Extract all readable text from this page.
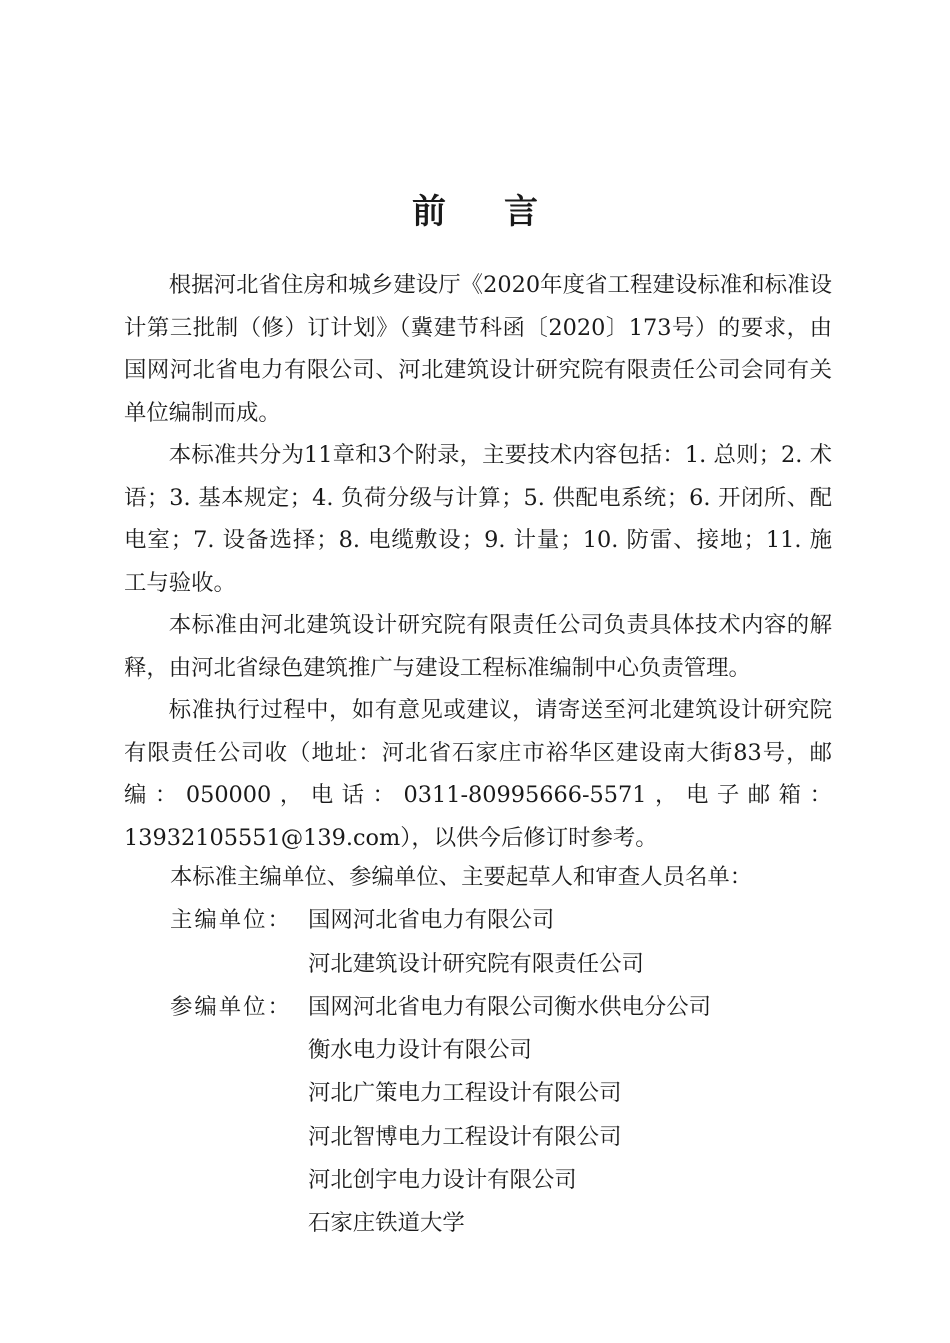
前 言

根据河北省住房和城乡建设厅《2020年度省工程建设标准和标准设计第三批制（修）订计划》（冀建节科函〔2020〕173号）的要求，由国网河北省电力有限公司、河北建筑设计研究院有限责任公司会同有关单位编制而成。

本标准共分为11章和3个附录，主要技术内容包括：1. 总则；2. 术语；3. 基本规定；4. 负荷分级与计算；5. 供配电系统；6. 开闭所、配电室；7. 设备选择；8. 电缆敷设；9. 计量；10. 防雷、接地；11. 施工与验收。

本标准由河北建筑设计研究院有限责任公司负责具体技术内容的解释，由河北省绿色建筑推广与建设工程标准编制中心负责管理。

标准执行过程中，如有意见或建议，请寄送至河北建筑设计研究院有限责任公司收（地址：河北省石家庄市裕华区建设南大街83号，邮编：050000，电话：0311-80995666-5571，电子邮箱：13932105551@139.com），以供今后修订时参考。

本标准主编单位、参编单位、主要起草人和审查人员名单：

主编单位： 国网河北省电力有限公司
河北建筑设计研究院有限责任公司
参编单位： 国网河北省电力有限公司衡水供电分公司
衡水电力设计有限公司
河北广策电力工程设计有限公司
河北智博电力工程设计有限公司
河北创宇电力设计有限公司
石家庄铁道大学
